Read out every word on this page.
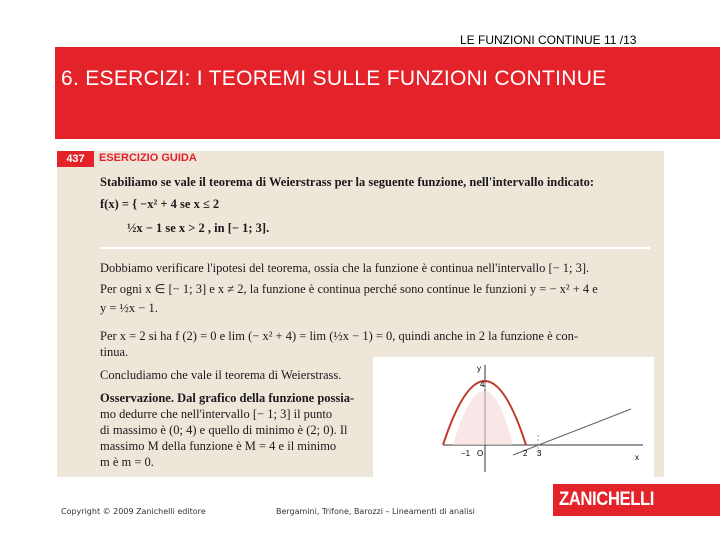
LE FUNZIONI CONTINUE 11 /13
6. ESERCIZI: I TEOREMI SULLE FUNZIONI CONTINUE
437	ESERCIZIO GUIDA
Stabiliamo se vale il teorema di Weierstrass per la seguente funzione, nell'intervallo indicato:
f(x) = { −x² + 4 se x ≤ 2
½x − 1 se x > 2 , in [− 1; 3].
Dobbiamo verificare l'ipotesi del teorema, ossia che la funzione è continua nell'intervallo [− 1; 3].
Per ogni x ∈ [− 1; 3] e x ≠ 2, la funzione è continua perché sono continue le funzioni y = − x² + 4 e
y = ½x − 1.
Per x = 2 si ha f (2) = 0 e lim (− x² + 4) = lim (½x − 1) = 0, quindi anche in 2 la funzione è con-
tinua.
Concludiamo che vale il teorema di Weierstrass.
Osservazione. Dal grafico della funzione possia-
mo dedurre che nell'intervallo [− 1; 3] il punto
di massimo è (0; 4) e quello di minimo è (2; 0). Il
massimo M della funzione è M = 4 e il minimo
m è m = 0.
y
4
−1 O	2 3	x
Copyright © 2009 Zanichelli editore	Bergamini, Trifone, Barozzi – Lineamenti di analisi
ZANICHELLI
